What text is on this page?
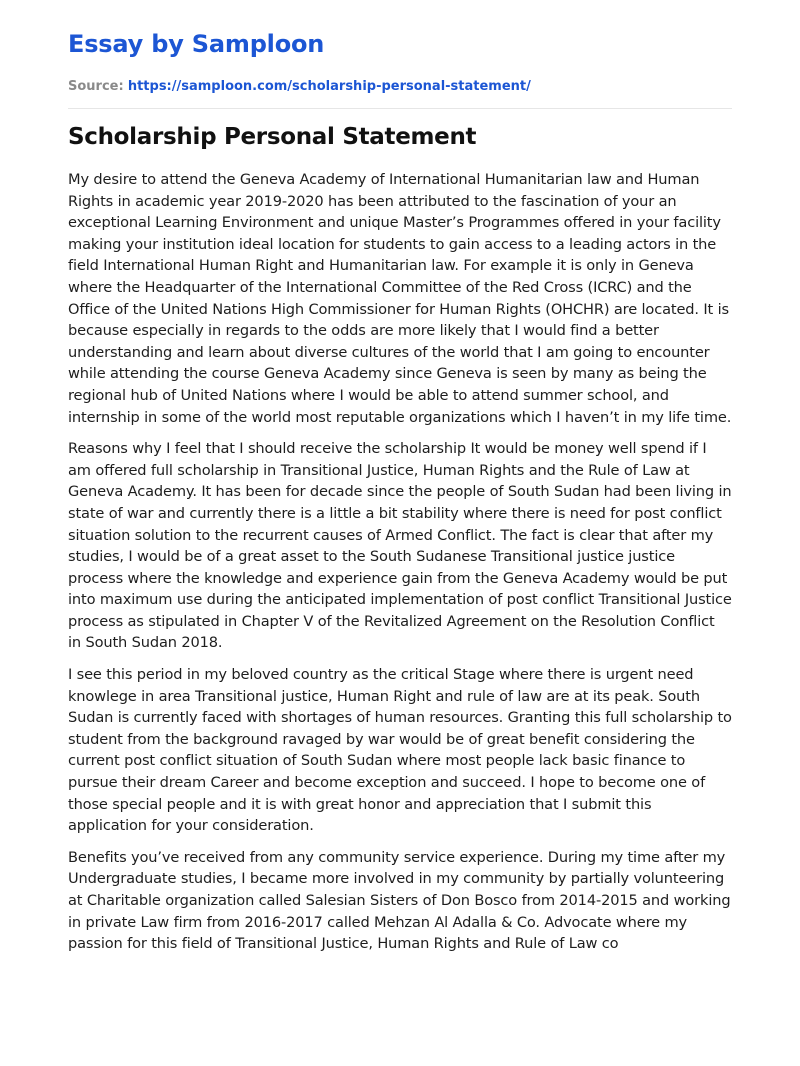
Essay by Samploon
Source: https://samploon.com/scholarship-personal-statement/
Scholarship Personal Statement

My desire to attend the Geneva Academy of International Humanitarian law and Human Rights in academic year 2019-2020 has been attributed to the fascination of your an exceptional Learning Environment and unique Master’s Programmes offered in your facility making your institution ideal location for students to gain access to a leading actors in the field International Human Right and Humanitarian law. For example it is only in Geneva where the Headquarter of the International Committee of the Red Cross (ICRC) and the Office of the United Nations High Commissioner for Human Rights (OHCHR) are located. It is because especially in regards to the odds are more likely that I would find a better understanding and learn about diverse cultures of the world that I am going to encounter while attending the course Geneva Academy since Geneva is seen by many as being the regional hub of United Nations where I would be able to attend summer school, and internship in some of the world most reputable organizations which I haven’t in my life time.

Reasons why I feel that I should receive the scholarship It would be money well spend if I am offered full scholarship in Transitional Justice, Human Rights and the Rule of Law at Geneva Academy. It has been for decade since the people of South Sudan had been living in state of war and currently there is a little a bit stability where there is need for post conflict situation solution to the recurrent causes of Armed Conflict. The fact is clear that after my studies, I would be of a great asset to the South Sudanese Transitional justice justice process where the knowledge and experience gain from the Geneva Academy would be put into maximum use during the anticipated implementation of post conflict Transitional Justice process as stipulated in Chapter V of the Revitalized Agreement on the Resolution Conflict in South Sudan 2018.

I see this period in my beloved country as the critical Stage where there is urgent need knowlege in area Transitional justice, Human Right and rule of law are at its peak. South Sudan is currently faced with shortages of human resources. Granting this full scholarship to student from the background ravaged by war would be of great benefit considering the current post conflict situation of South Sudan where most people lack basic finance to pursue their dream Career and become exception and succeed. I hope to become one of those special people and it is with great honor and appreciation that I submit this application for your consideration.

Benefits you’ve received from any community service experience. During my time after my Undergraduate studies, I became more involved in my community by partially volunteering at Charitable organization called Salesian Sisters of Don Bosco from 2014-2015 and working in private Law firm from 2016-2017 called Mehzan Al Adalla & Co. Advocate where my passion for this field of Transitional Justice, Human Rights and Rule of Law co
